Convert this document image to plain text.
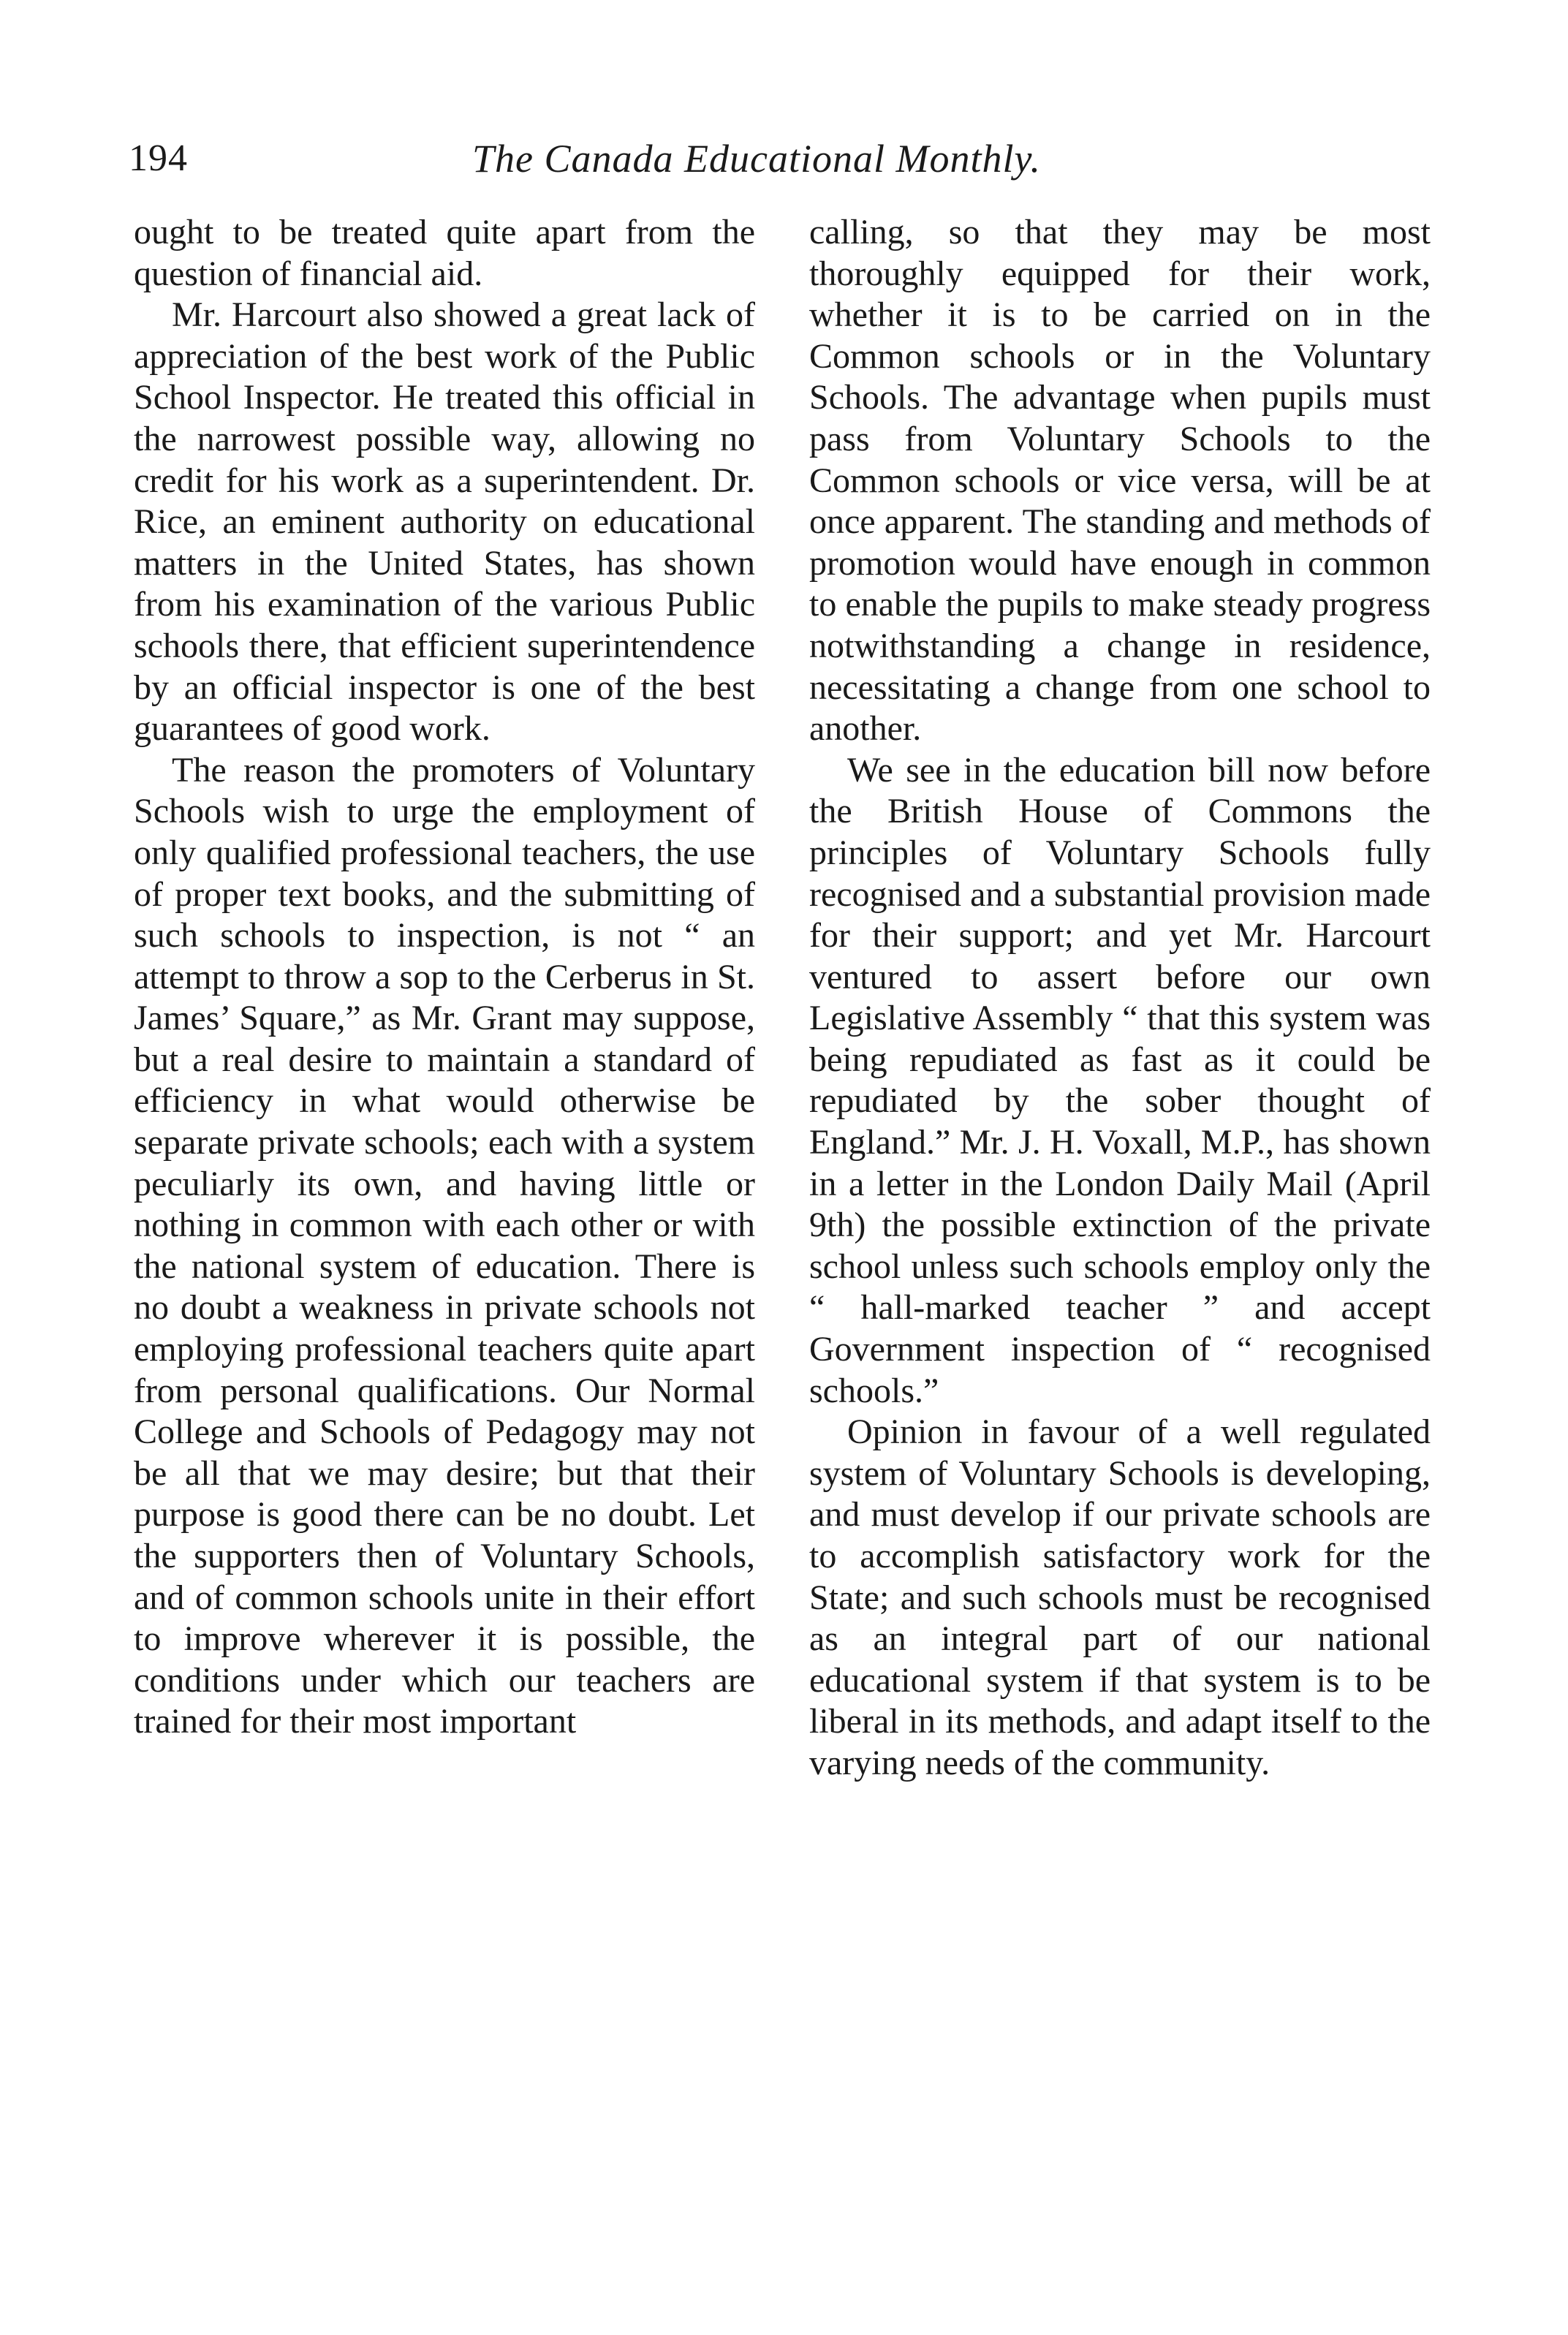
194	The Canada Educational Monthly.

ought to be treated quite apart from the question of financial aid.

Mr. Harcourt also showed a great lack of appreciation of the best work of the Public School Inspector. He treated this official in the narrowest possible way, allowing no credit for his work as a superintendent. Dr. Rice, an eminent authority on educational matters in the United States, has shown from his examination of the various Public schools there, that efficient superintendence by an official inspector is one of the best guarantees of good work.

The reason the promoters of Voluntary Schools wish to urge the employment of only qualified professional teachers, the use of proper text books, and the submitting of such schools to inspection, is not “ an attempt to throw a sop to the Cerberus in St. James’ Square,” as Mr. Grant may suppose, but a real desire to maintain a standard of efficiency in what would otherwise be separate private schools; each with a system peculiarly its own, and having little or nothing in common with each other or with the national system of education. There is no doubt a weakness in private schools not employing professional teachers quite apart from personal qualifications. Our Normal College and Schools of Pedagogy may not be all that we may desire; but that their purpose is good there can be no doubt. Let the supporters then of Voluntary Schools, and of common schools unite in their effort to improve wherever it is possible, the conditions under which our teachers are trained for their most important

calling, so that they may be most thoroughly equipped for their work, whether it is to be carried on in the Common schools or in the Voluntary Schools. The advantage when pupils must pass from Voluntary Schools to the Common schools or vice versa, will be at once apparent. The standing and methods of promotion would have enough in common to enable the pupils to make steady progress notwithstanding a change in residence, necessitating a change from one school to another.

We see in the education bill now before the British House of Commons the principles of Voluntary Schools fully recognised and a substantial provision made for their support; and yet Mr. Harcourt ventured to assert before our own Legislative Assembly “ that this system was being repudiated as fast as it could be repudiated by the sober thought of England.” Mr. J. H. Voxall, M.P., has shown in a letter in the London Daily Mail (April 9th) the possible extinction of the private school unless such schools employ only the “ hall-marked teacher ” and accept Government inspection of “ recognised schools.”

Opinion in favour of a well regulated system of Voluntary Schools is developing, and must develop if our private schools are to accomplish satisfactory work for the State; and such schools must be recognised as an integral part of our national educational system if that system is to be liberal in its methods, and adapt itself to the varying needs of the community.
